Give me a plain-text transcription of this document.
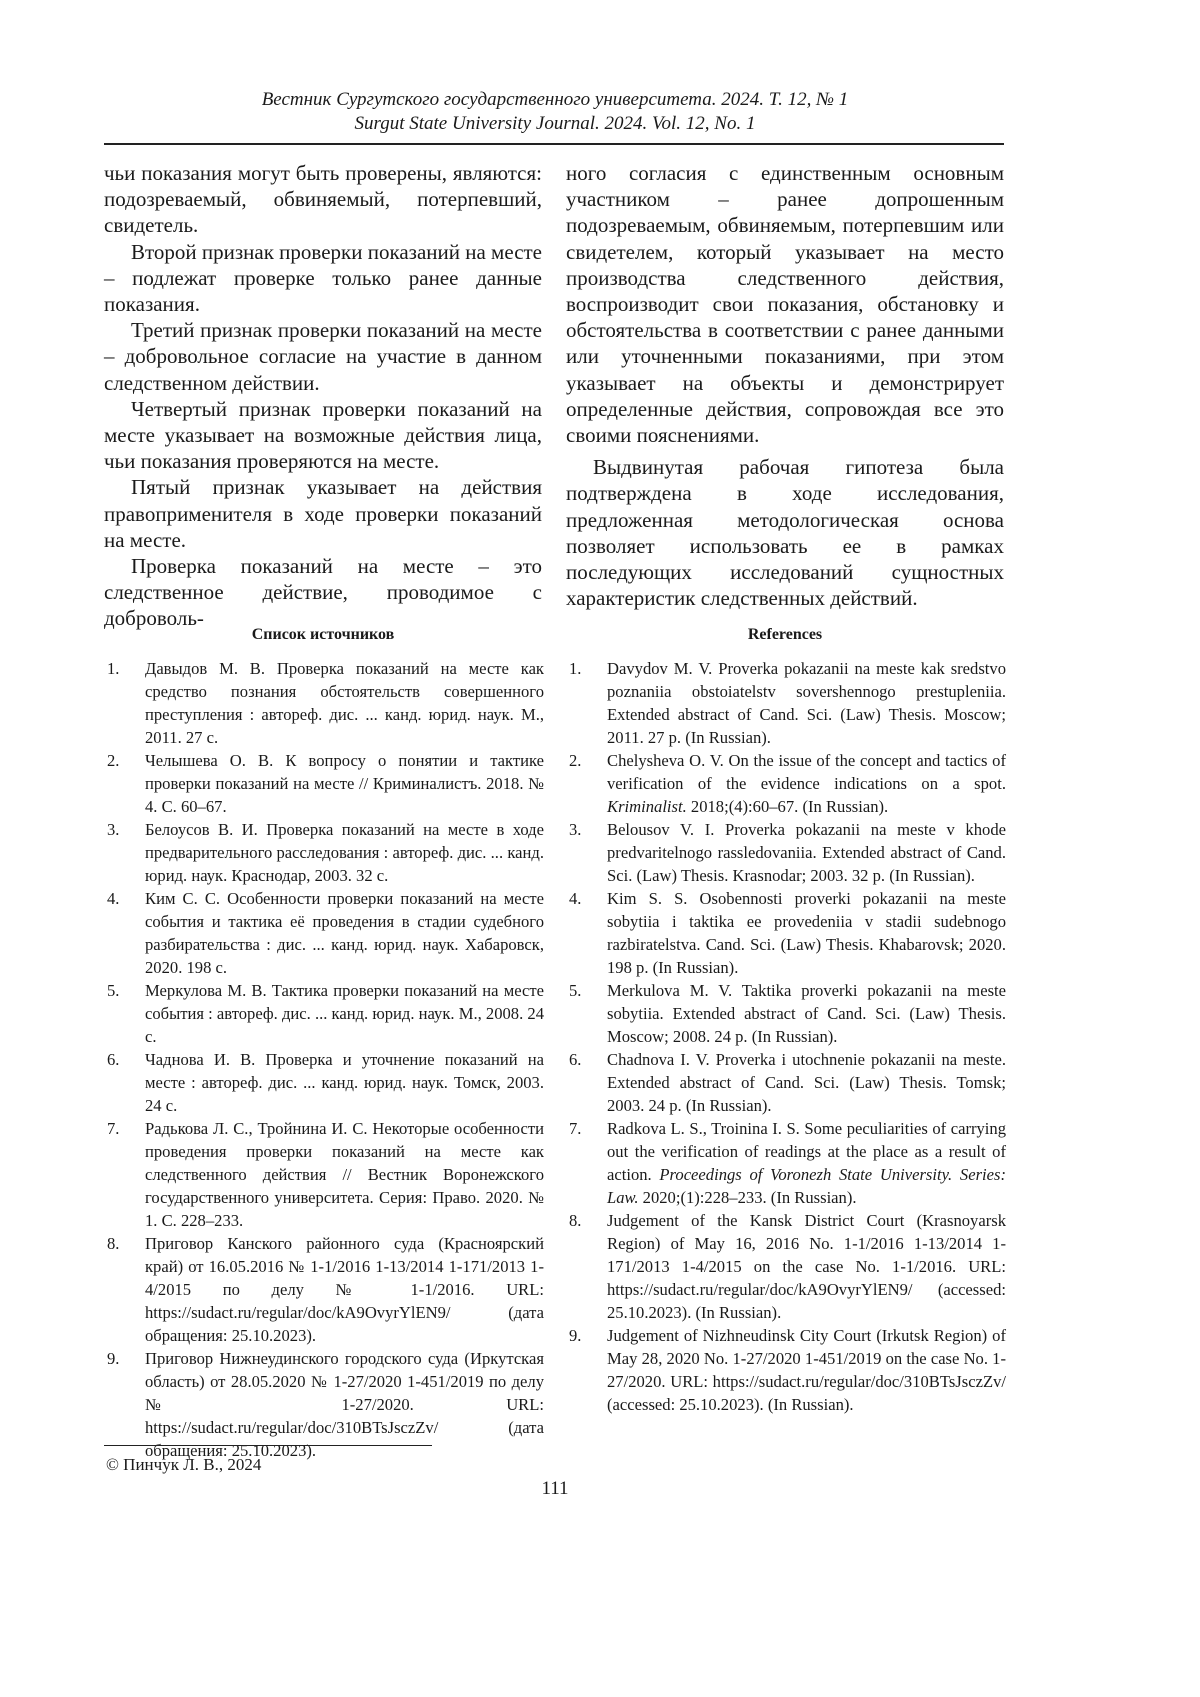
Вестник Сургутского государственного университета. 2024. Т. 12, № 1
Surgut State University Journal. 2024. Vol. 12, No. 1

чьи показания могут быть проверены, являются: подозреваемый, обвиняемый, потерпевший, свидетель.

Второй признак проверки показаний на месте – подлежат проверке только ранее данные показания.

Третий признак проверки показаний на месте – добровольное согласие на участие в данном следственном действии.

Четвертый признак проверки показаний на месте указывает на возможные действия лица, чьи показания проверяются на месте.

Пятый признак указывает на действия правоприменителя в ходе проверки показаний на месте.

Проверка показаний на месте – это следственное действие, проводимое с доброволь-

ного согласия с единственным основным участником – ранее допрошенным подозреваемым, обвиняемым, потерпевшим или свидетелем, который указывает на место производства следственного действия, воспроизводит свои показания, обстановку и обстоятельства в соответствии с ранее данными или уточненными показаниями, при этом указывает на объекты и демонстрирует определенные действия, сопровождая все это своими пояснениями.

Выдвинутая рабочая гипотеза была подтверждена в ходе исследования, предложенная методологическая основа позволяет использовать ее в рамках последующих исследований сущностных характеристик следственных действий.

Список источников	References
1.	Давыдов М. В. Проверка показаний на месте как средство познания обстоятельств совершенного преступления : автореф. дис. ... канд. юрид. наук. М., 2011. 27 с.
2.	Челышева О. В. К вопросу о понятии и тактике проверки показаний на месте // Криминалистъ. 2018. № 4. С. 60–67.
3.	Белоусов В. И. Проверка показаний на месте в ходе предварительного расследования : автореф. дис. ... канд. юрид. наук. Краснодар, 2003. 32 с.
4.	Ким С. С. Особенности проверки показаний на месте события и тактика её проведения в стадии судебного разбирательства : дис. ... канд. юрид. наук. Хабаровск, 2020. 198 с.
5.	Меркулова М. В. Тактика проверки показаний на месте события : автореф. дис. ... канд. юрид. наук. М., 2008. 24 с.
6.	Чаднова И. В. Проверка и уточнение показаний на месте : автореф. дис. ... канд. юрид. наук. Томск, 2003. 24 с.
7.	Радькова Л. С., Тройнина И. С. Некоторые особенности проведения проверки показаний на месте как следственного действия // Вестник Воронежского государственного университета. Серия: Право. 2020. № 1. С. 228–233.
8.	Приговор Канского районного суда (Красноярский край) от 16.05.2016 № 1-1/2016 1-13/2014 1-171/2013 1-4/2015 по делу № 1-1/2016. URL: https://sudact.ru/regular/doc/kA9OvyrYlEN9/ (дата обращения: 25.10.2023).
9.	Приговор Нижнеудинского городского суда (Иркутская область) от 28.05.2020 № 1-27/2020 1-451/2019 по делу № 1-27/2020. URL: https://sudact.ru/regular/doc/310BTsJsczZv/ (дата обращения: 25.10.2023).
1.	Davydov M. V. Proverka pokazanii na meste kak sredstvo poznaniia obstoiatelstv sovershennogo prestupleniia. Extended abstract of Cand. Sci. (Law) Thesis. Moscow; 2011. 27 p. (In Russian).
2.	Chelysheva O. V. On the issue of the concept and tactics of verification of the evidence indications on a spot. Kriminalist. 2018;(4):60–67. (In Russian).
3.	Belousov V. I. Proverka pokazanii na meste v khode predvaritelnogo rassledovaniia. Extended abstract of Cand. Sci. (Law) Thesis. Krasnodar; 2003. 32 p. (In Russian).
4.	Kim S. S. Osobennosti proverki pokazanii na meste sobytiia i taktika ee provedeniia v stadii sudebnogo razbiratelstva. Cand. Sci. (Law) Thesis. Khabarovsk; 2020. 198 p. (In Russian).
5.	Merkulova M. V. Taktika proverki pokazanii na meste sobytiia. Extended abstract of Cand. Sci. (Law) Thesis. Moscow; 2008. 24 p. (In Russian).
6.	Chadnova I. V. Proverka i utochnenie pokazanii na meste. Extended abstract of Cand. Sci. (Law) Thesis. Tomsk; 2003. 24 p. (In Russian).
7.	Radkova L. S., Troinina I. S. Some peculiarities of carrying out the verification of readings at the place as a result of action. Proceedings of Voronezh State University. Series: Law. 2020;(1):228–233. (In Russian).
8.	Judgement of the Kansk District Court (Krasnoyarsk Region) of May 16, 2016 No. 1-1/2016 1-13/2014 1-171/2013 1-4/2015 on the case No. 1-1/2016. URL: https://sudact.ru/regular/doc/kA9OvyrYlEN9/ (accessed: 25.10.2023). (In Russian).
9.	Judgement of Nizhneudinsk City Court (Irkutsk Region) of May 28, 2020 No. 1-27/2020 1-451/2019 on the case No. 1-27/2020. URL: https://sudact.ru/regular/doc/310BTsJsczZv/ (accessed: 25.10.2023). (In Russian).
© Пинчук Л. В., 2024
111
